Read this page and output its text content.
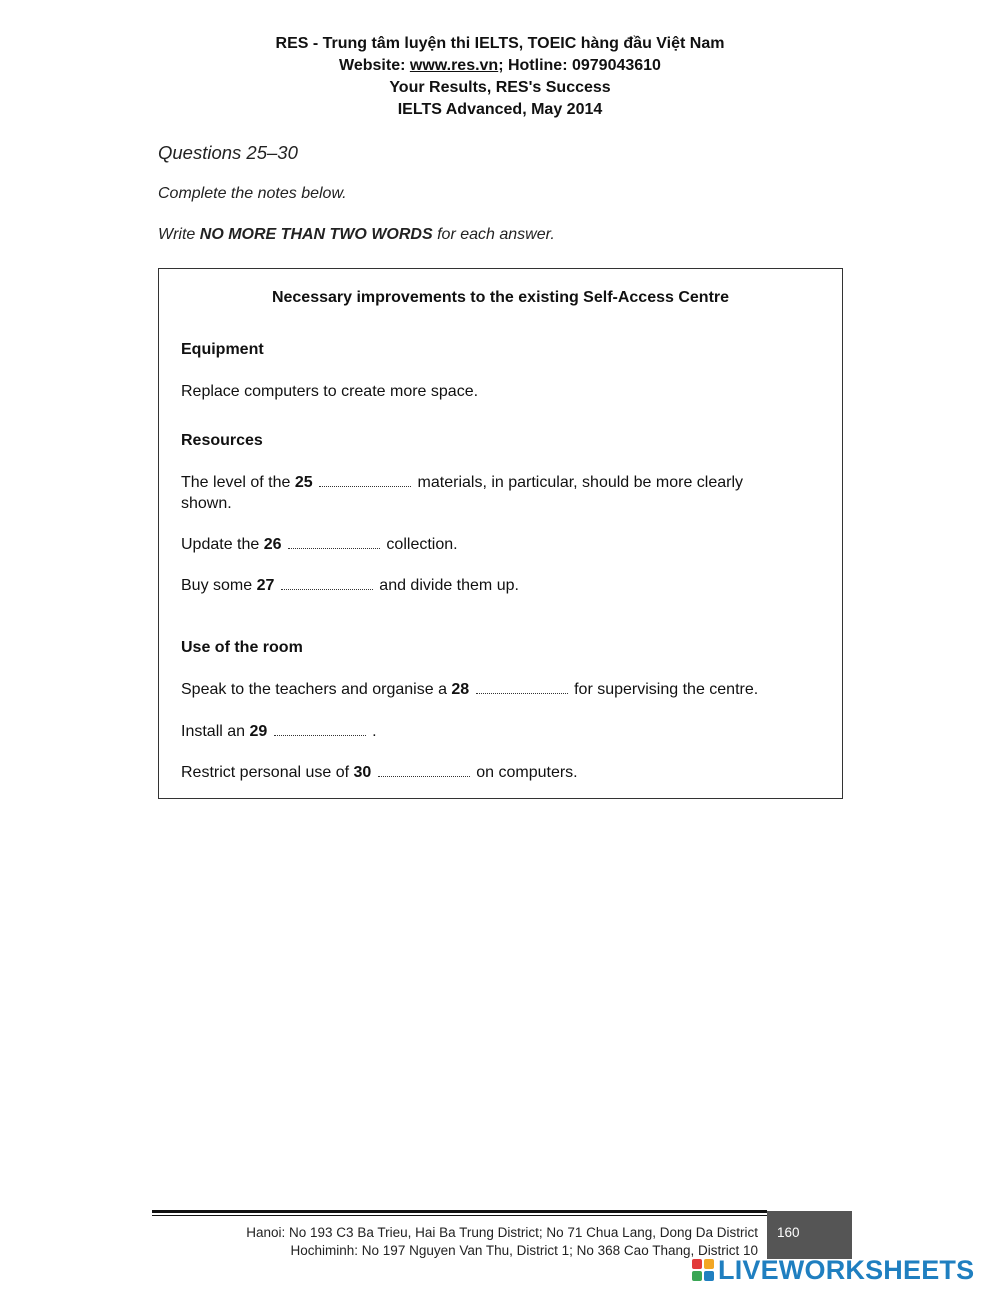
RES - Trung tâm luyện thi IELTS, TOEIC hàng đầu Việt Nam
Website: www.res.vn; Hotline: 0979043610
Your Results, RES's Success
IELTS Advanced, May 2014
Questions 25–30
Complete the notes below.
Write NO MORE THAN TWO WORDS for each answer.
Necessary improvements to the existing Self-Access Centre
Equipment
Replace computers to create more space.
Resources
The level of the 25	materials, in particular, should be more clearly
shown.
Update the 26	collection.
Buy some 27	and divide them up.
Use of the room
Speak to the teachers and organise a 28	for supervising the centre.
Install an 29	.
Restrict personal use of 30	on computers.
Hanoi: No 193 C3 Ba Trieu, Hai Ba Trung District; No 71 Chua Lang, Dong Da District
Hochiminh: No 197 Nguyen Van Thu, District 1; No 368 Cao Thang, District 10
160
LIVEWORKSHEETS
